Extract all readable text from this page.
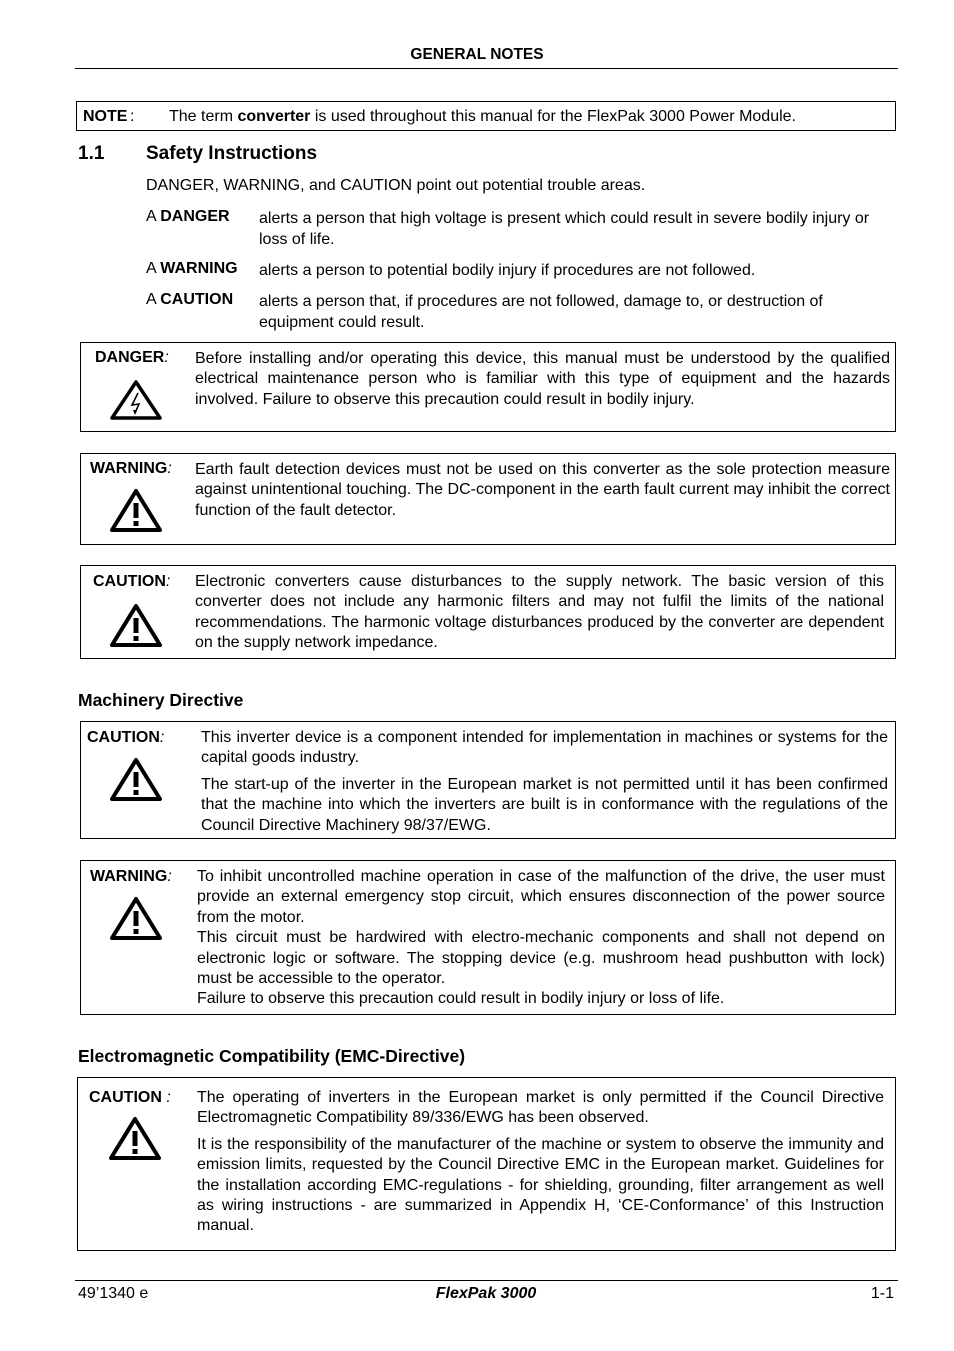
GENERAL NOTES
NOTE : The term converter is used throughout this manual for the FlexPak 3000 Power Module.
1.1 Safety Instructions
DANGER, WARNING, and CAUTION point out potential trouble areas.
A DANGER alerts a person that high voltage is present which could result in severe bodily injury or loss of life.
A WARNING alerts a person to potential bodily injury if procedures are not followed.
A CAUTION alerts a person that, if procedures are not followed, damage to, or destruction of equipment could result.
DANGER: Before installing and/or operating this device, this manual must be understood by the qualified electrical maintenance person who is familiar with this type of equipment and the hazards involved. Failure to observe this precaution could result in bodily injury.
WARNING: Earth fault detection devices must not be used on this converter as the sole protection measure against unintentional touching. The DC-component in the earth fault current may inhibit the correct function of the fault detector.
CAUTION: Electronic converters cause disturbances to the supply network. The basic version of this converter does not include any harmonic filters and may not fulfil the limits of the national recommendations. The harmonic voltage disturbances produced by the converter are dependent on the supply network impedance.
Machinery Directive
CAUTION: This inverter device is a component intended for implementation in machines or systems for the capital goods industry.

The start-up of the inverter in the European market is not permitted until it has been confirmed that the machine into which the inverters are built is in conformance with the regulations of the Council Directive Machinery 98/37/EWG.

WARNING: To inhibit uncontrolled machine operation in case of the malfunction of the drive, the user must provide an external emergency stop circuit, which ensures disconnection of the power source from the motor.

This circuit must be hardwired with electro-mechanic components and shall not depend on electronic logic or software. The stopping device (e.g. mushroom head pushbutton with lock) must be accessible to the operator.

Failure to observe this precaution could result in bodily injury or loss of life.

Electromagnetic Compatibility (EMC-Directive)
CAUTION : The operating of inverters in the European market is only permitted if the Council Directive Electromagnetic Compatibility 89/336/EWG has been observed.

It is the responsibility of the manufacturer of the machine or system to observe the immunity and emission limits, requested by the Council Directive EMC in the European market. Guidelines for the installation according EMC-regulations - for shielding, grounding, filter arrangement as well as wiring instructions - are summarized in Appendix H, ‘CE-Conformance’ of this Instruction manual.

49’1340 e	FlexPak 3000	1-1
